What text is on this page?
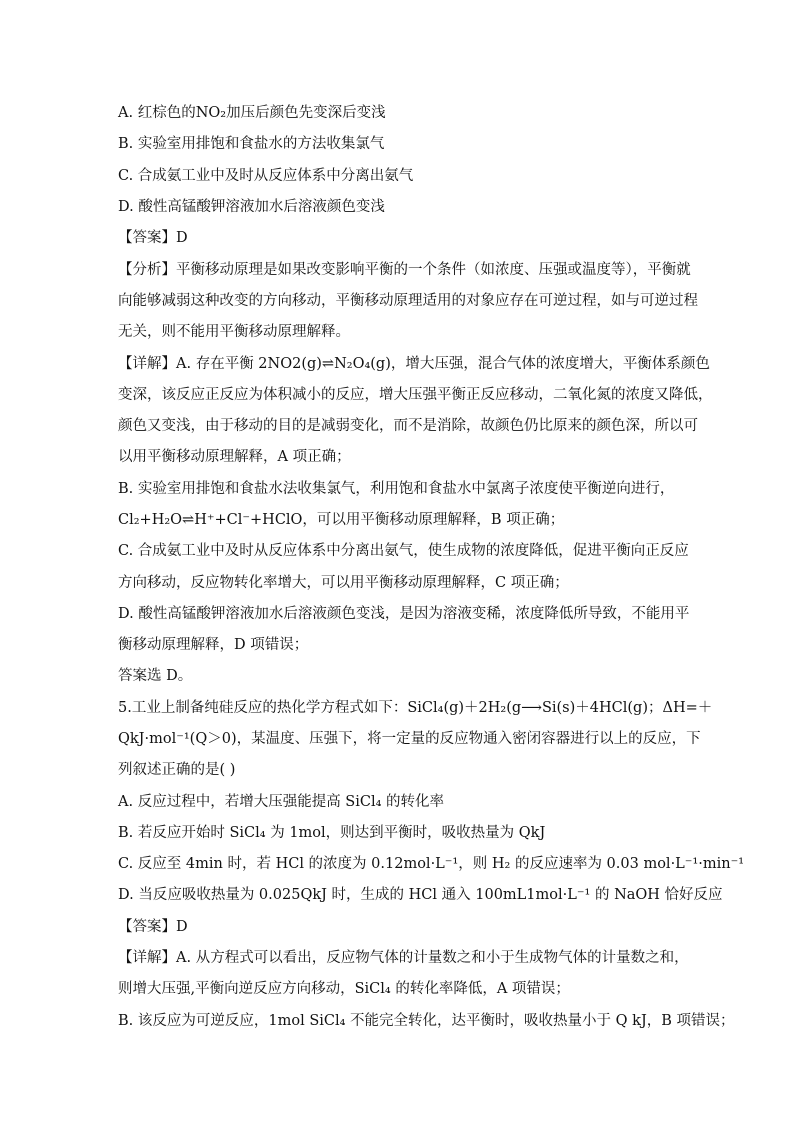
A. 红棕色的NO₂加压后颜色先变深后变浅
B. 实验室用排饱和食盐水的方法收集氯气
C. 合成氨工业中及时从反应体系中分离出氨气
D. 酸性高锰酸钾溶液加水后溶液颜色变浅
【答案】D
【分析】平衡移动原理是如果改变影响平衡的一个条件（如浓度、压强或温度等），平衡就
向能够减弱这种改变的方向移动，平衡移动原理适用的对象应存在可逆过程，如与可逆过程
无关，则不能用平衡移动原理解释。
【详解】A. 存在平衡 2NO2(g)⇌N₂O₄(g)，增大压强，混合气体的浓度增大，平衡体系颜色
变深，该反应正反应为体积减小的反应，增大压强平衡正反应移动，二氧化氮的浓度又降低，
颜色又变浅，由于移动的目的是减弱变化，而不是消除，故颜色仍比原来的颜色深，所以可
以用平衡移动原理解释，A 项正确；
B. 实验室用排饱和食盐水法收集氯气，利用饱和食盐水中氯离子浓度使平衡逆向进行，
Cl₂+H₂O⇌H⁺+Cl⁻+HClO，可以用平衡移动原理解释，B 项正确；
C. 合成氨工业中及时从反应体系中分离出氨气，使生成物的浓度降低，促进平衡向正反应
方向移动，反应物转化率增大，可以用平衡移动原理解释，C 项正确；
D. 酸性高锰酸钾溶液加水后溶液颜色变浅，是因为溶液变稀，浓度降低所导致，不能用平
衡移动原理解释，D 项错误；
答案选 D。
5.工业上制备纯硅反应的热化学方程式如下：SiCl₄(g)＋2H₂(g⟶Si(s)＋4HCl(g)；ΔH=＋
QkJ·mol⁻¹(Q＞0)，某温度、压强下，将一定量的反应物通入密闭容器进行以上的反应，下
列叙述正确的是( )
A. 反应过程中，若增大压强能提高 SiCl₄ 的转化率
B. 若反应开始时 SiCl₄ 为 1mol，则达到平衡时，吸收热量为 QkJ
C. 反应至 4min 时，若 HCl 的浓度为 0.12mol·L⁻¹，则 H₂ 的反应速率为 0.03 mol·L⁻¹·min⁻¹
D. 当反应吸收热量为 0.025QkJ 时，生成的 HCl 通入 100mL1mol·L⁻¹ 的 NaOH 恰好反应
【答案】D
【详解】A. 从方程式可以看出，反应物气体的计量数之和小于生成物气体的计量数之和，
则增大压强,平衡向逆反应方向移动，SiCl₄ 的转化率降低，A 项错误；
B. 该反应为可逆反应，1mol SiCl₄ 不能完全转化，达平衡时，吸收热量小于 Q kJ，B 项错误；
